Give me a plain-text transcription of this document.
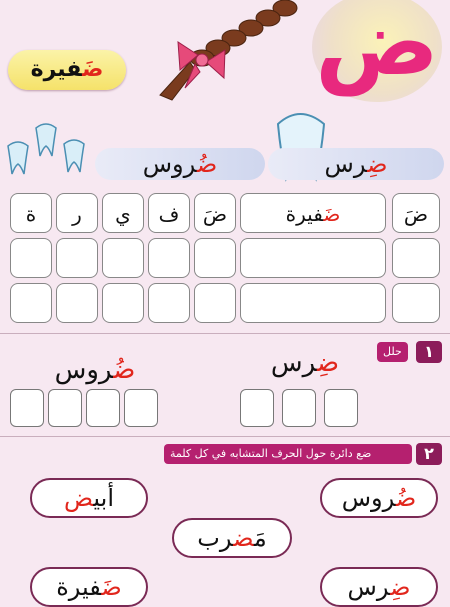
ض
ضَفيرة
ضُروس	ضِرس
ة	ر	ي	ف	ضَ	ضَفيرة	ضَ
١
حلل
ضُروس	ضِرس
٢
ضع دائرة حول الحرف المتشابه في كل كلمة
أبيض	ضُروس
مَضرب
ضَفيرة	ضِرس
